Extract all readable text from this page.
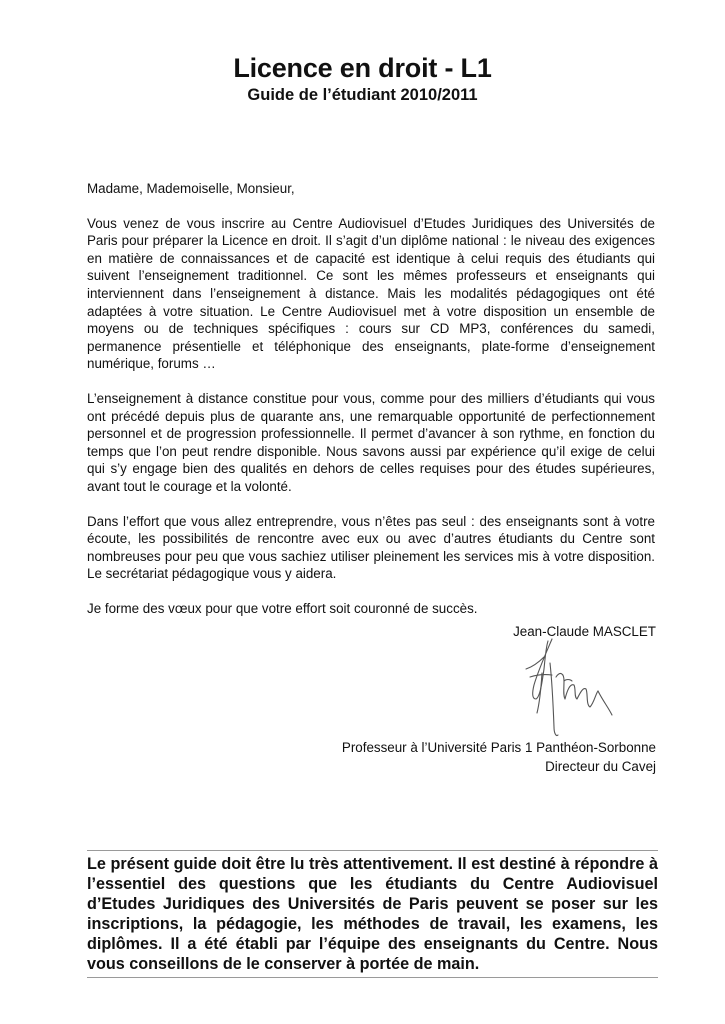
Licence en droit - L1
Guide de l’étudiant 2010/2011

Madame, Mademoiselle, Monsieur,

Vous venez de vous inscrire au Centre Audiovisuel d’Etudes Juridiques des Universités de Paris pour préparer la Licence en droit. Il s’agit d’un diplôme national : le niveau des exigences en matière de connaissances et de capacité est identique à celui requis des étudiants qui suivent l’enseignement traditionnel. Ce sont les mêmes professeurs et enseignants qui interviennent dans l’enseignement à distance. Mais les modalités pédagogiques ont été adaptées à votre situation. Le Centre Audiovisuel met à votre disposition un ensemble de moyens ou de techniques spécifiques : cours sur CD MP3, conférences du samedi, permanence présentielle et téléphonique des enseignants, plate-forme d’enseignement numérique, forums …

L’enseignement à distance constitue pour vous, comme pour des milliers d’étudiants qui vous ont précédé depuis plus de quarante ans, une remarquable opportunité de perfectionnement personnel et de progression professionnelle. Il permet d’avancer à son rythme, en fonction du temps que l’on peut rendre disponible. Nous savons aussi par expérience qu’il exige de celui qui s’y engage bien des qualités en dehors de celles requises pour des études supérieures, avant tout le courage et la volonté.

Dans l’effort que vous allez entreprendre, vous n’êtes pas seul : des enseignants sont à votre écoute, les possibilités de rencontre avec eux ou avec d’autres étudiants du Centre sont nombreuses pour peu que vous sachiez utiliser pleinement les services mis à votre disposition. Le secrétariat pédagogique vous y aidera.

Je forme des vœux pour que votre effort soit couronné de succès.

Jean-Claude MASCLET
Professeur à l’Université Paris 1 Panthéon-Sorbonne
Directeur du Cavej

Le présent guide doit être lu très attentivement. Il est destiné à répondre à l’essentiel des questions que les étudiants du Centre Audiovisuel d’Etudes Juridiques des Universités de Paris peuvent se poser sur les inscriptions, la pédagogie, les méthodes de travail, les examens, les diplômes. Il a été établi par l’équipe des enseignants du Centre. Nous vous conseillons de le conserver à portée de main.
